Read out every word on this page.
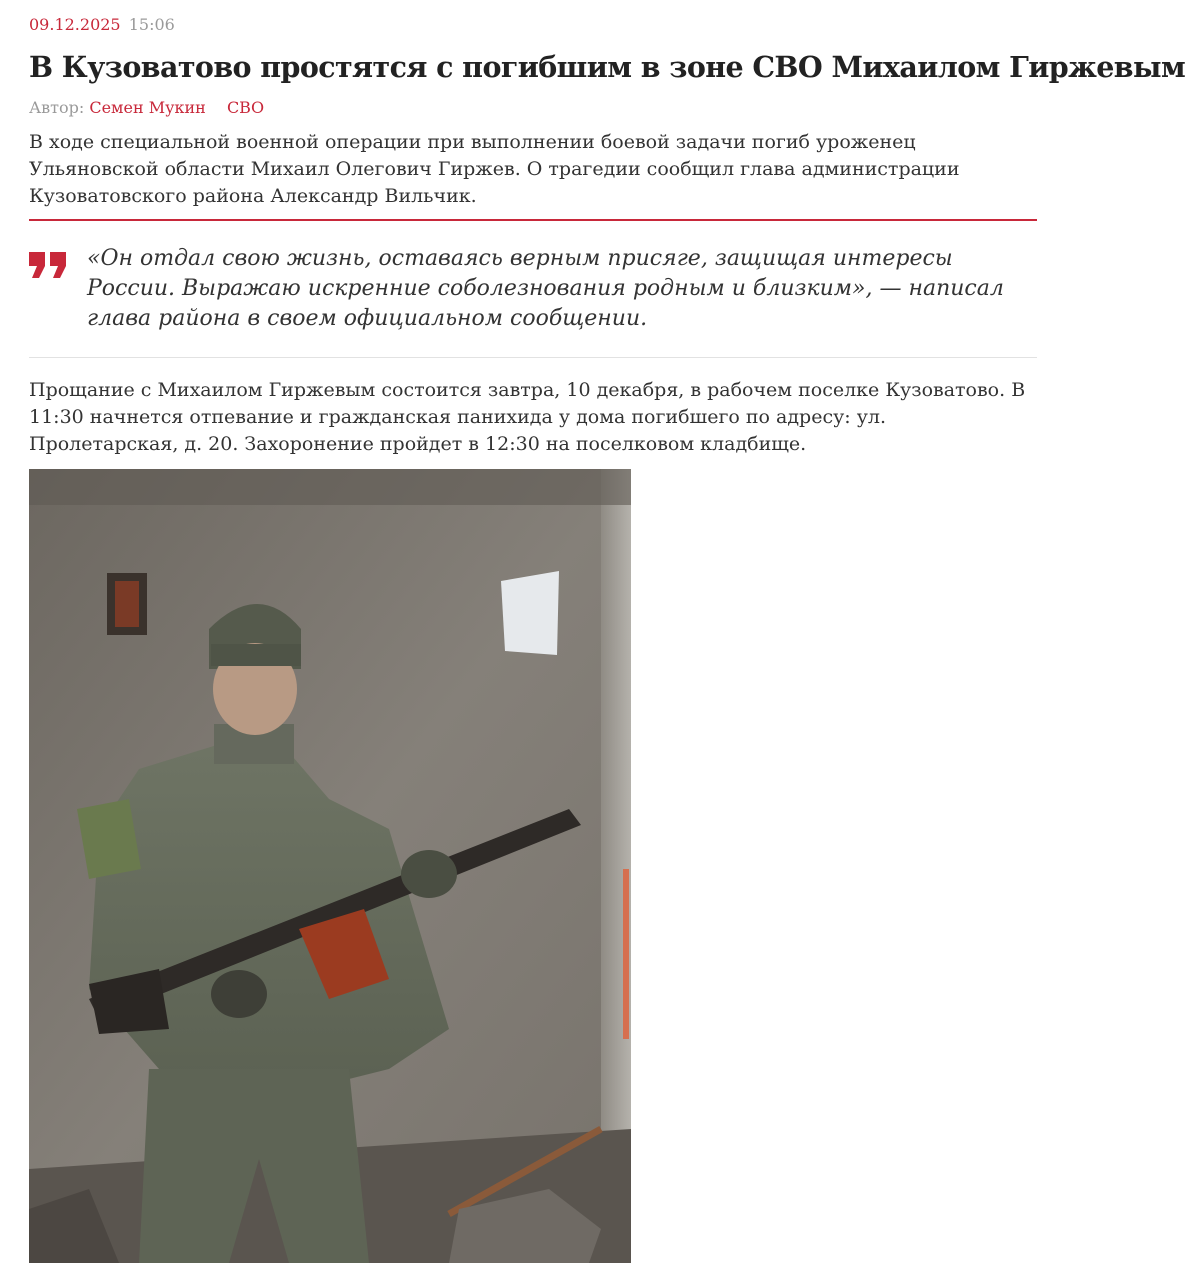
09.12.2025 15:06
В Кузоватово простятся с погибшим в зоне СВО Михаилом Гиржевым
Автор: Семен Мукин СВО

В ходе специальной военной операции при выполнении боевой задачи погиб уроженец Ульяновской области Михаил Олегович Гиржев. О трагедии сообщил глава администрации Кузоватовского района Александр Вильчик.

«Он отдал свою жизнь, оставаясь верным присяге, защищая интересы России. Выражаю искренние соболезнования родным и близким», — написал глава района в своем официальном сообщении.

Прощание с Михаилом Гиржевым состоится завтра, 10 декабря, в рабочем поселке Кузоватово. В 11:30 начнется отпевание и гражданская панихида у дома погибшего по адресу: ул. Пролетарская, д. 20. Захоронение пройдет в 12:30 на поселковом кладбище.
